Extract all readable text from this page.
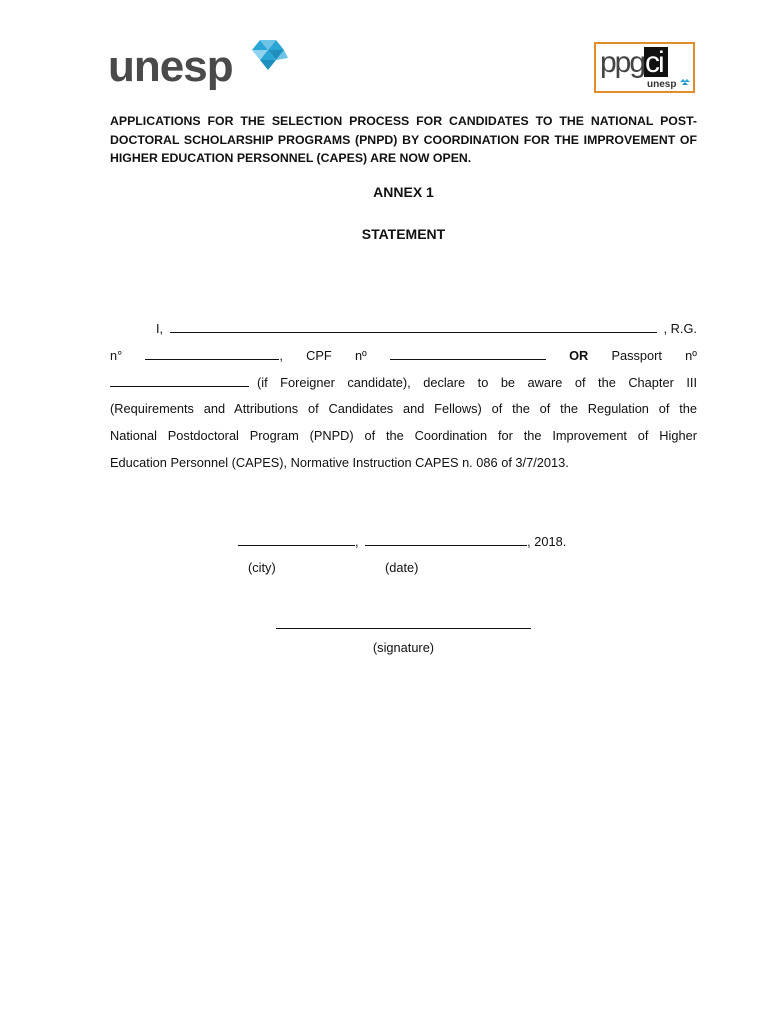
unesp	ppg ci
unesp
APPLICATIONS FOR THE SELECTION PROCESS FOR CANDIDATES TO THE NATIONAL POST-DOCTORAL SCHOLARSHIP PROGRAMS (PNPD) BY COORDINATION FOR THE IMPROVEMENT OF HIGHER EDUCATION PERSONNEL (CAPES) ARE NOW OPEN.
ANNEX 1
STATEMENT
I,	, R.G.
n°	, CPF nº	OR Passport nº
(if Foreigner candidate), declare to be aware of the Chapter III
(Requirements and Attributions of Candidates and Fellows) of the of the Regulation of the
National Postdoctoral Program (PNPD) of the Coordination for the Improvement of Higher
Education Personnel (CAPES), Normative Instruction CAPES n. 086 of 3/7/2013.
,	, 2018.
(city)	(date)
(signature)
